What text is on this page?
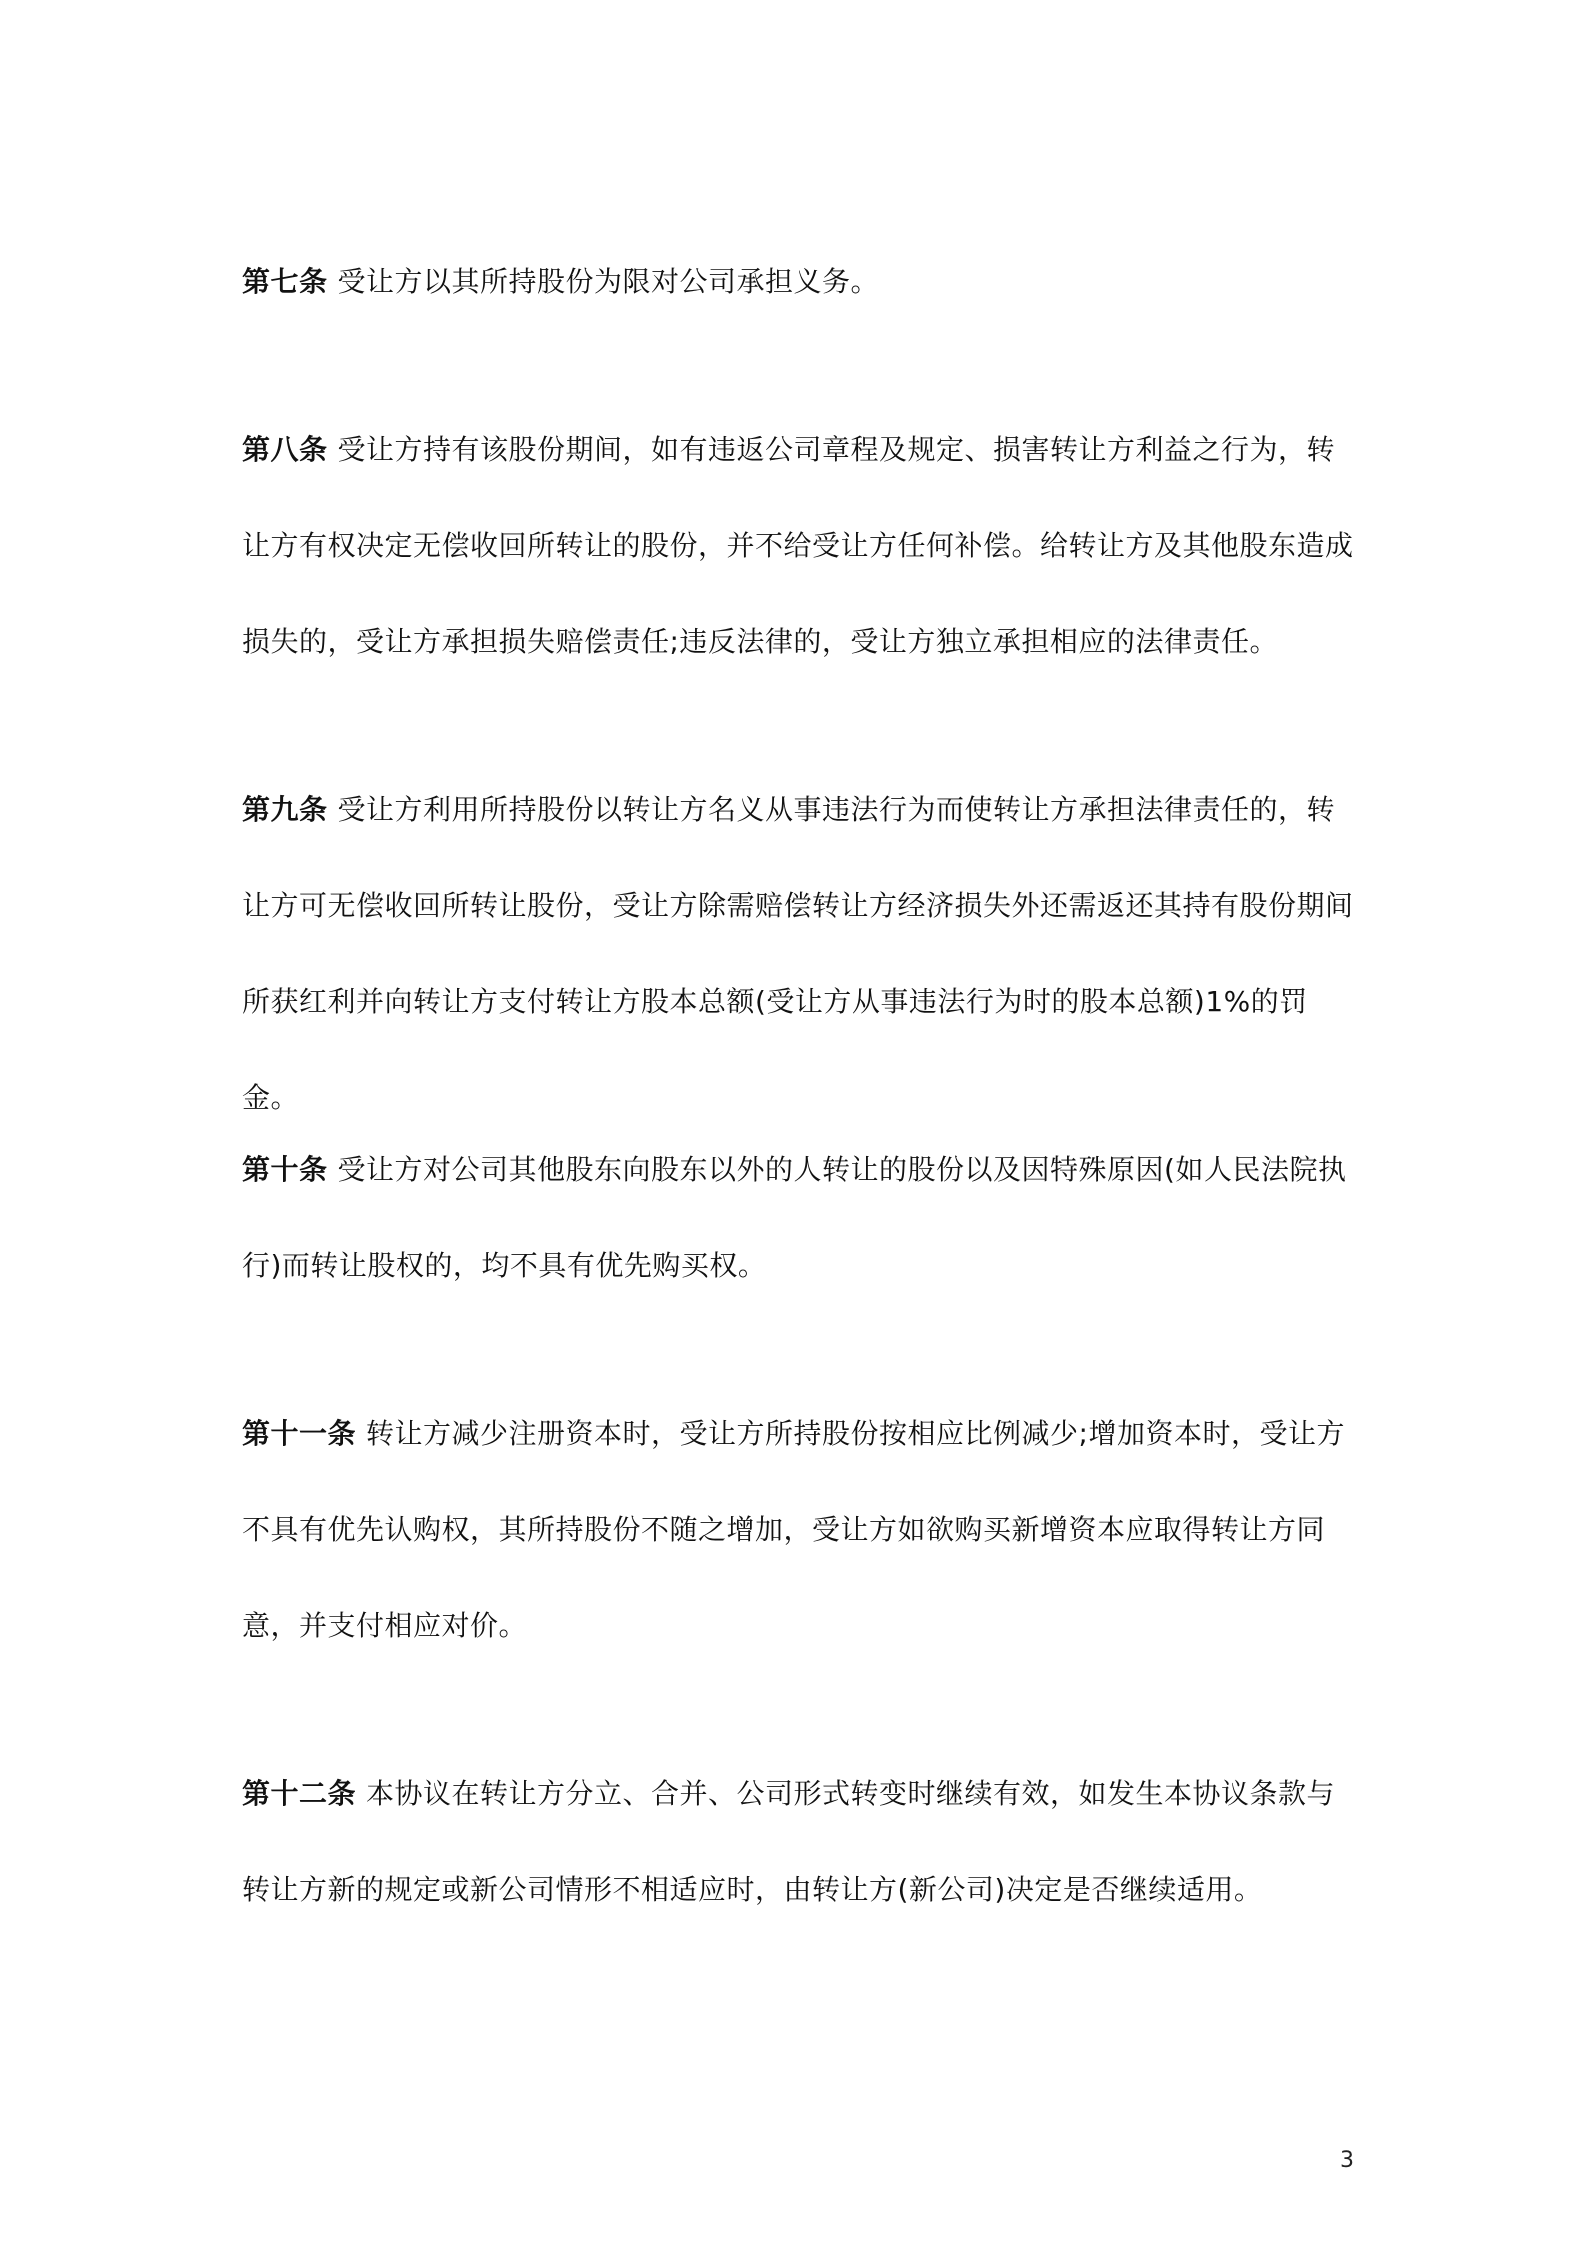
第七条 受让方以其所持股份为限对公司承担义务。

第八条 受让方持有该股份期间，如有违返公司章程及规定、损害转让方利益之行为，转让方有权决定无偿收回所转让的股份，并不给受让方任何补偿。给转让方及其他股东造成损失的，受让方承担损失赔偿责任;违反法律的，受让方独立承担相应的法律责任。

第九条 受让方利用所持股份以转让方名义从事违法行为而使转让方承担法律责任的，转让方可无偿收回所转让股份，受让方除需赔偿转让方经济损失外还需返还其持有股份期间所获红利并向转让方支付转让方股本总额(受让方从事违法行为时的股本总额)1%的罚金。

第十条 受让方对公司其他股东向股东以外的人转让的股份以及因特殊原因(如人民法院执行)而转让股权的，均不具有优先购买权。

第十一条 转让方减少注册资本时，受让方所持股份按相应比例减少;增加资本时，受让方不具有优先认购权，其所持股份不随之增加，受让方如欲购买新增资本应取得转让方同意，并支付相应对价。

第十二条 本协议在转让方分立、合并、公司形式转变时继续有效，如发生本协议条款与转让方新的规定或新公司情形不相适应时，由转让方(新公司)决定是否继续适用。

3
